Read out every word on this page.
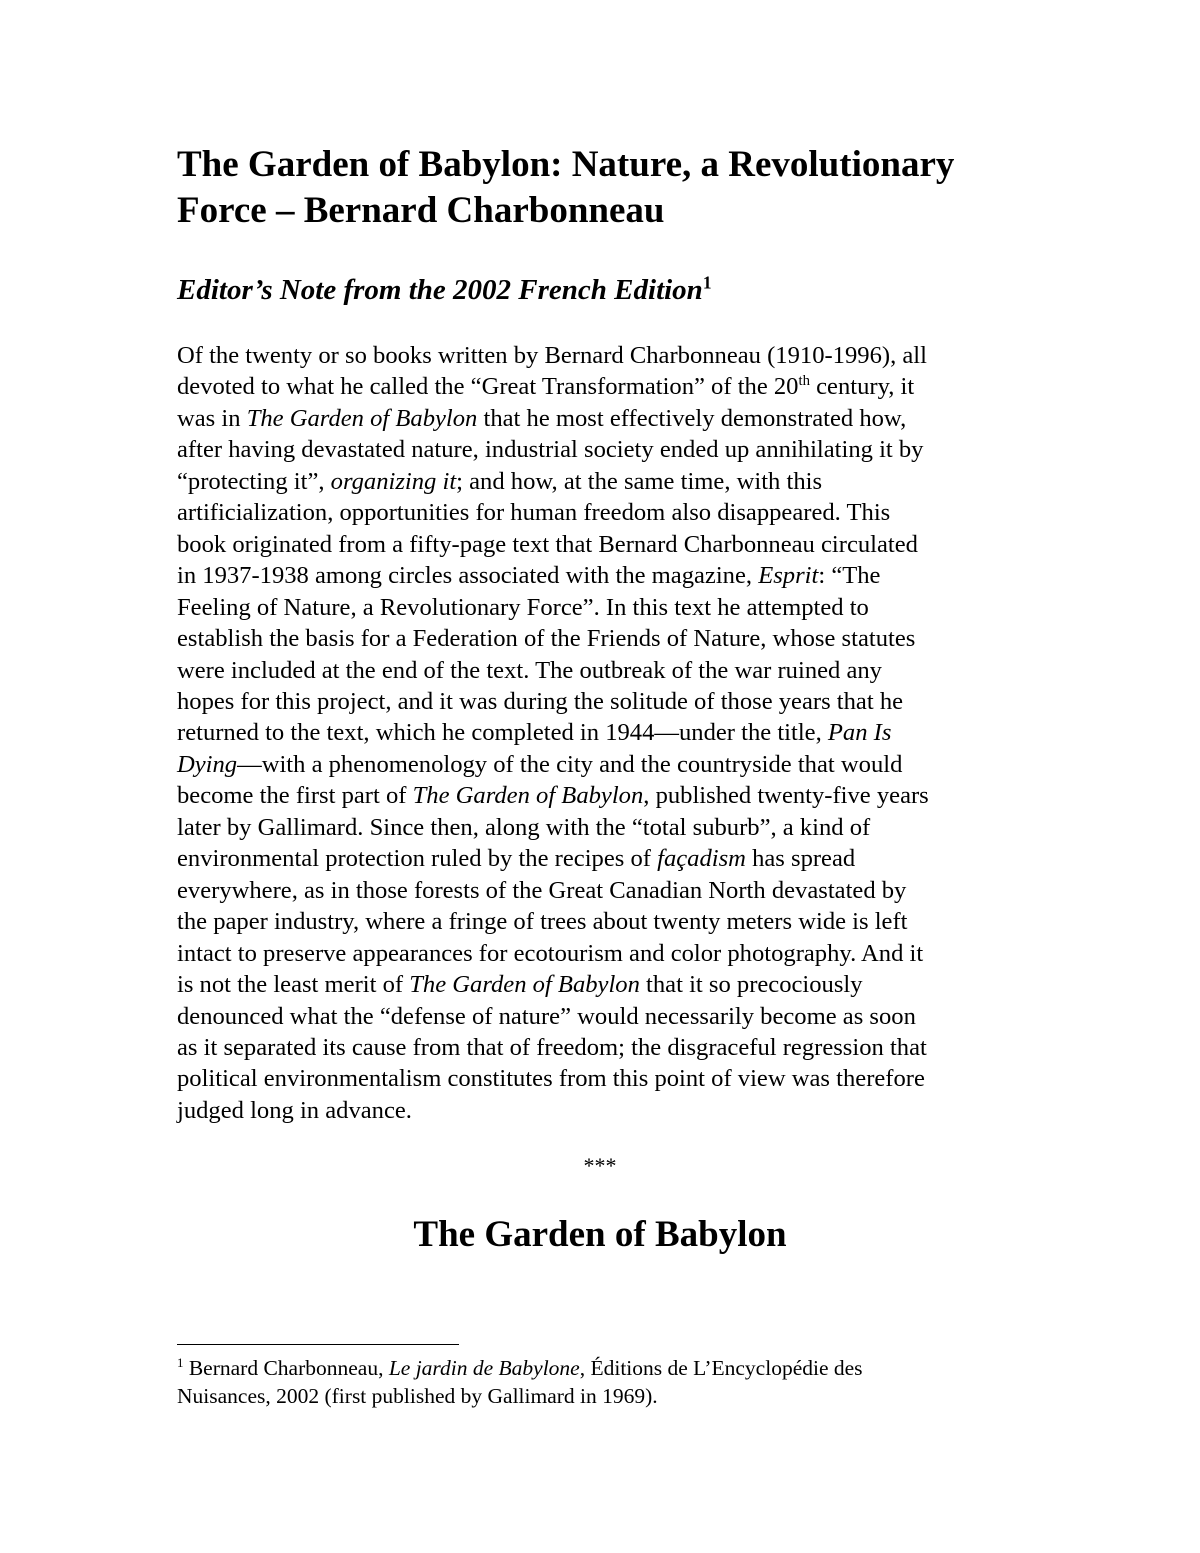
The Garden of Babylon: Nature, a Revolutionary
Force – Bernard Charbonneau
Editor’s Note from the 2002 French Edition$^1$

Of the twenty or so books written by Bernard Charbonneau (1910-1996), all
devoted to what he called the “Great Transformation” of the 20th century, it
was in The Garden of Babylon that he most effectively demonstrated how,
after having devastated nature, industrial society ended up annihilating it by
“protecting it”, organizing it; and how, at the same time, with this
artificialization, opportunities for human freedom also disappeared. This
book originated from a fifty-page text that Bernard Charbonneau circulated
in 1937-1938 among circles associated with the magazine, Esprit: “The
Feeling of Nature, a Revolutionary Force”. In this text he attempted to
establish the basis for a Federation of the Friends of Nature, whose statutes
were included at the end of the text. The outbreak of the war ruined any
hopes for this project, and it was during the solitude of those years that he
returned to the text, which he completed in 1944—under the title, Pan Is
Dying—with a phenomenology of the city and the countryside that would
become the first part of The Garden of Babylon, published twenty-five years
later by Gallimard. Since then, along with the “total suburb”, a kind of
environmental protection ruled by the recipes of façadism has spread
everywhere, as in those forests of the Great Canadian North devastated by
the paper industry, where a fringe of trees about twenty meters wide is left
intact to preserve appearances for ecotourism and color photography. And it
is not the least merit of The Garden of Babylon that it so precociously
denounced what the “defense of nature” would necessarily become as soon
as it separated its cause from that of freedom; the disgraceful regression that
political environmentalism constitutes from this point of view was therefore
judged long in advance.

***

The Garden of Babylon

$^1$ Bernard Charbonneau, Le jardin de Babylone, Éditions de L’Encyclopédie des
Nuisances, 2002 (first published by Gallimard in 1969).
